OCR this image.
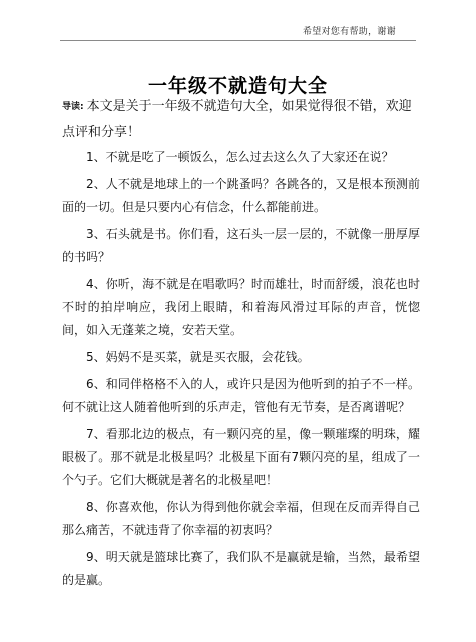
希望对您有帮助，谢谢
一年级不就造句大全
导读: 本文是关于一年级不就造句大全，如果觉得很不错，欢迎点评和分享！
1、不就是吃了一顿饭么，怎么过去这么久了大家还在说？
2、人不就是地球上的一个跳蚤吗？各跳各的，又是根本预测前面的一切。但是只要内心有信念，什么都能前进。
3、石头就是书。你们看，这石头一层一层的，不就像一册厚厚的书吗？
4、你听，海不就是在唱歌吗？时而雄壮，时而舒缓，浪花也时不时的拍岸响应，我闭上眼睛，和着海风滑过耳际的声音，恍惚间，如入无蓬莱之境，安若天堂。
5、妈妈不是买菜，就是买衣服，会花钱。
6、和同伴格格不入的人，或许只是因为他听到的拍子不一样。何不就让这人随着他听到的乐声走，管他有无节奏，是否离谱呢？
7、看那北边的极点，有一颗闪亮的星，像一颗璀璨的明珠，耀眼极了。那不就是北极星吗？北极星下面有7颗闪亮的星，组成了一个勺子。它们大概就是著名的北极星吧！
8、你喜欢他，你认为得到他你就会幸福，但现在反而弄得自己那么痛苦，不就违背了你幸福的初衷吗？
9、明天就是篮球比赛了，我们队不是赢就是输，当然，最希望的是赢。
